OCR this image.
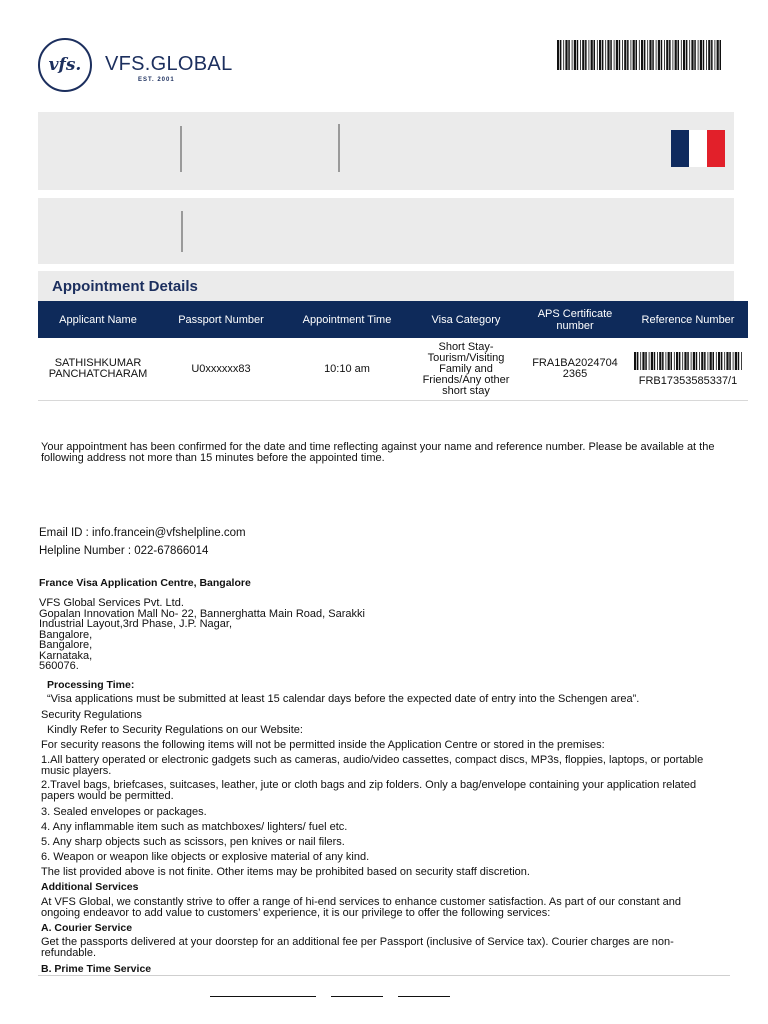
vfs. VFS.GLOBAL
EST. 2001
Appointment Details
Applicant Name	Passport Number	Appointment Time	Visa Category	APS Certificate number	Reference Number
SATHISHKUMAR PANCHATCHARAM	U0xxxxxx83	10:10 am	Short Stay-Tourism/Visiting Family and Friends/Any other short stay	FRA1BA2024704 2365	FRB17353585337/1
Your appointment has been confirmed for the date and time reflecting against your name and reference number. Please be available at the following address not more than 15 minutes before the appointed time.
Email ID : info.francein@vfshelpline.com
Helpline Number : 022-67866014
France Visa Application Centre, Bangalore
VFS Global Services Pvt. Ltd.
Gopalan Innovation Mall No- 22, Bannerghatta Main Road, Sarakki
Industrial Layout,3rd Phase, J.P. Nagar,
Bangalore,
Bangalore,
Karnataka,
560076.
Processing Time:
“Visa applications must be submitted at least 15 calendar days before the expected date of entry into the Schengen area”.
Security Regulations
Kindly Refer to Security Regulations on our Website:
For security reasons the following items will not be permitted inside the Application Centre or stored in the premises:
1.All battery operated or electronic gadgets such as cameras, audio/video cassettes, compact discs, MP3s, floppies, laptops, or portable music players.
2.Travel bags, briefcases, suitcases, leather, jute or cloth bags and zip folders. Only a bag/envelope containing your application related papers would be permitted.
3. Sealed envelopes or packages.
4. Any inflammable item such as matchboxes/ lighters/ fuel etc.
5. Any sharp objects such as scissors, pen knives or nail filers.
6. Weapon or weapon like objects or explosive material of any kind.
The list provided above is not finite. Other items may be prohibited based on security staff discretion.
Additional Services
At VFS Global, we constantly strive to offer a range of hi-end services to enhance customer satisfaction. As part of our constant and ongoing endeavor to add value to customers’ experience, it is our privilege to offer the following services:
A. Courier Service
Get the passports delivered at your doorstep for an additional fee per Passport (inclusive of Service tax). Courier charges are non-refundable.
B. Prime Time Service
